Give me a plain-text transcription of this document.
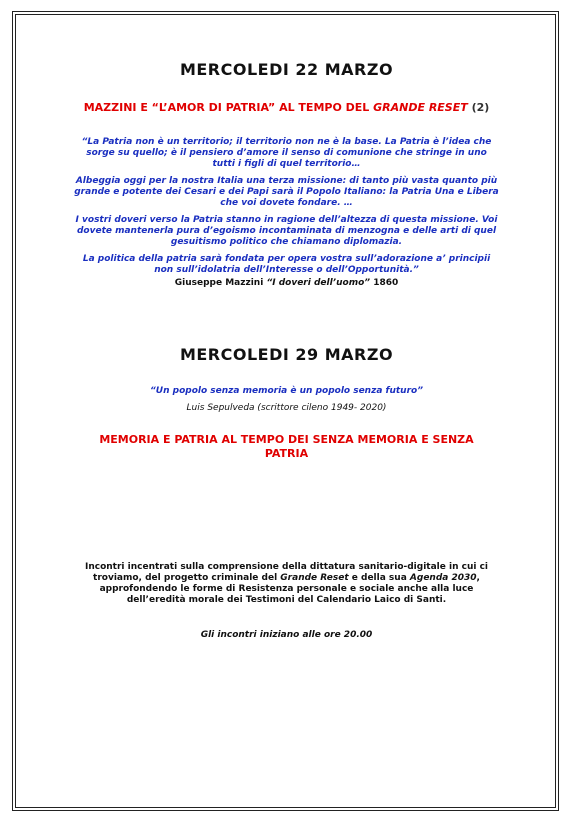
MERCOLEDI 22 MARZO
MAZZINI E “L’AMOR DI PATRIA” AL TEMPO DEL GRANDE RESET (2)

“La Patria non è un territorio; il territorio non ne è la base. La Patria è l’idea che sorge su quello; è il pensiero d’amore il senso di comunione che stringe in uno tutti i figli di quel territorio…

Albeggia oggi per la nostra Italia una terza missione: di tanto più vasta quanto più grande e potente dei Cesari e dei Papi sarà il Popolo Italiano: la Patria Una e Libera che voi dovete fondare. …

I vostri doveri verso la Patria stanno in ragione dell’altezza di questa missione. Voi dovete mantenerla pura d’egoismo incontaminata di menzogna e delle arti di quel gesuitismo politico che chiamano diplomazia.

La politica della patria sarà fondata per opera vostra sull’adorazione a’ principii non sull’idolatria dell’Interesse o dell’Opportunità.”

Giuseppe Mazzini “I doveri dell’uomo” 1860
MERCOLEDI 29 MARZO
“Un popolo senza memoria è un popolo senza futuro”
Luis Sepulveda (scrittore cileno 1949- 2020)
MEMORIA E PATRIA AL TEMPO DEI SENZA MEMORIA E SENZA PATRIA
Incontri incentrati sulla comprensione della dittatura sanitario-digitale in cui ci troviamo, del progetto criminale del Grande Reset e della sua Agenda 2030, approfondendo le forme di Resistenza personale e sociale anche alla luce dell’eredità morale dei Testimoni del Calendario Laico di Santi.
Gli incontri iniziano alle ore 20.00
